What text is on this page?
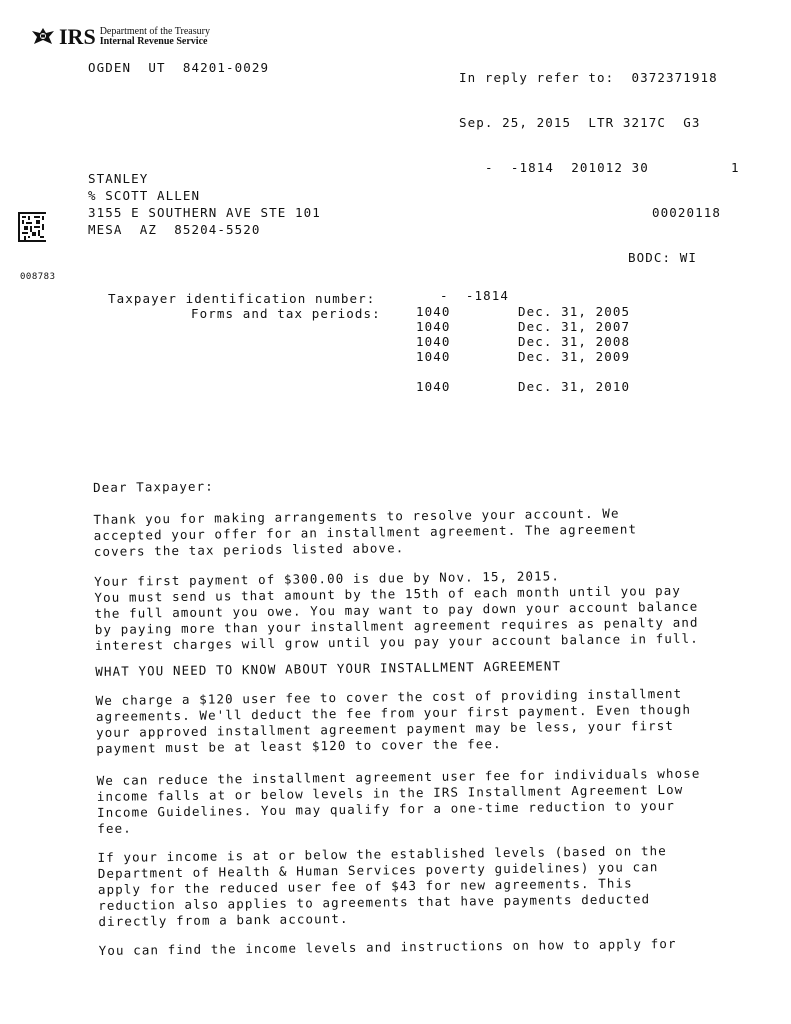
IRS Department of the Treasury
Internal Revenue Service
OGDEN  UT  84201-0029

In reply refer to:  0372371918

Sep. 25, 2015  LTR 3217C  G3

-  -1814  201012 30	1

00020118

BODC: WI

STANLEY
% SCOTT ALLEN
3155 E SOUTHERN AVE STE 101
MESA  AZ  85204-5520
008783
Taxpayer identification number:	-  -1814
Forms and tax periods:	1040	Dec. 31, 2005
1040	Dec. 31, 2007
1040	Dec. 31, 2008
1040	Dec. 31, 2009
1040	Dec. 31, 2010

Dear Taxpayer:

Thank you for making arrangements to resolve your account. We
accepted your offer for an installment agreement. The agreement
covers the tax periods listed above.

Your first payment of $300.00 is due by Nov. 15, 2015.
You must send us that amount by the 15th of each month until you pay
the full amount you owe. You may want to pay down your account balance
by paying more than your installment agreement requires as penalty and
interest charges will grow until you pay your account balance in full.

WHAT YOU NEED TO KNOW ABOUT YOUR INSTALLMENT AGREEMENT

We charge a $120 user fee to cover the cost of providing installment
agreements. We'll deduct the fee from your first payment. Even though
your approved installment agreement payment may be less, your first
payment must be at least $120 to cover the fee.

We can reduce the installment agreement user fee for individuals whose
income falls at or below levels in the IRS Installment Agreement Low
Income Guidelines. You may qualify for a one-time reduction to your
fee.

If your income is at or below the established levels (based on the
Department of Health & Human Services poverty guidelines) you can
apply for the reduced user fee of $43 for new agreements. This
reduction also applies to agreements that have payments deducted
directly from a bank account.

You can find the income levels and instructions on how to apply for
